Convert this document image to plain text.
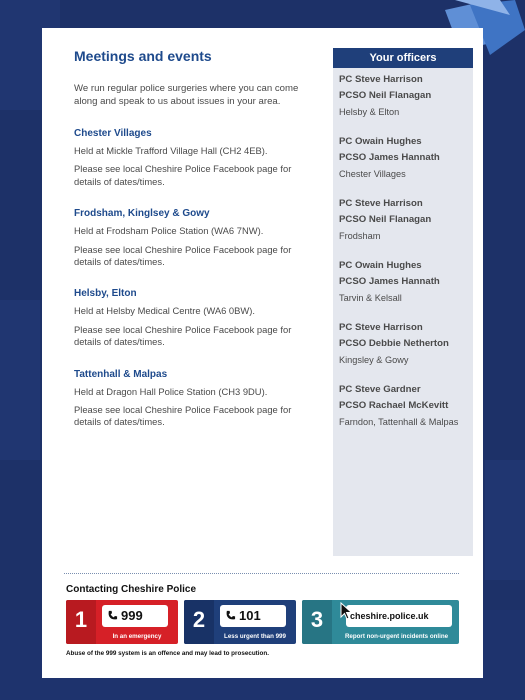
Meetings and events

We run regular police surgeries where you can come along and speak to us about issues in your area.

Chester Villages

Held at Mickle Trafford Village Hall (CH2 4EB).

Please see local Cheshire Police Facebook page for details of dates/times.

Frodsham, Kinglsey & Gowy

Held at Frodsham Police Station (WA6 7NW).

Please see local Cheshire Police Facebook page for details of dates/times.

Helsby, Elton

Held at Helsby Medical Centre (WA6 0BW).

Please see local Cheshire Police Facebook page for details of dates/times.

Tattenhall & Malpas

Held at Dragon Hall Police Station (CH3 9DU).

Please see local Cheshire Police Facebook page for details of dates/times.

Your officers

PC Steve Harrison

PCSO Neil Flanagan

Helsby & Elton

PC Owain Hughes

PCSO James Hannath

Chester Villages

PC Steve Harrison

PCSO Neil Flanagan

Frodsham

PC Owain Hughes

PCSO James Hannath

Tarvin & Kelsall

PC Steve Harrison

PCSO Debbie Netherton

Kingsley & Gowy

PC Steve Gardner

PCSO Rachael McKevitt

Farndon, Tattenhall & Malpas

Contacting Cheshire Police
1	999
In an emergency
2	101
Less urgent than 999
3	cheshire.police.uk
Report non-urgent incidents online
Abuse of the 999 system is an offence and may lead to prosecution.
